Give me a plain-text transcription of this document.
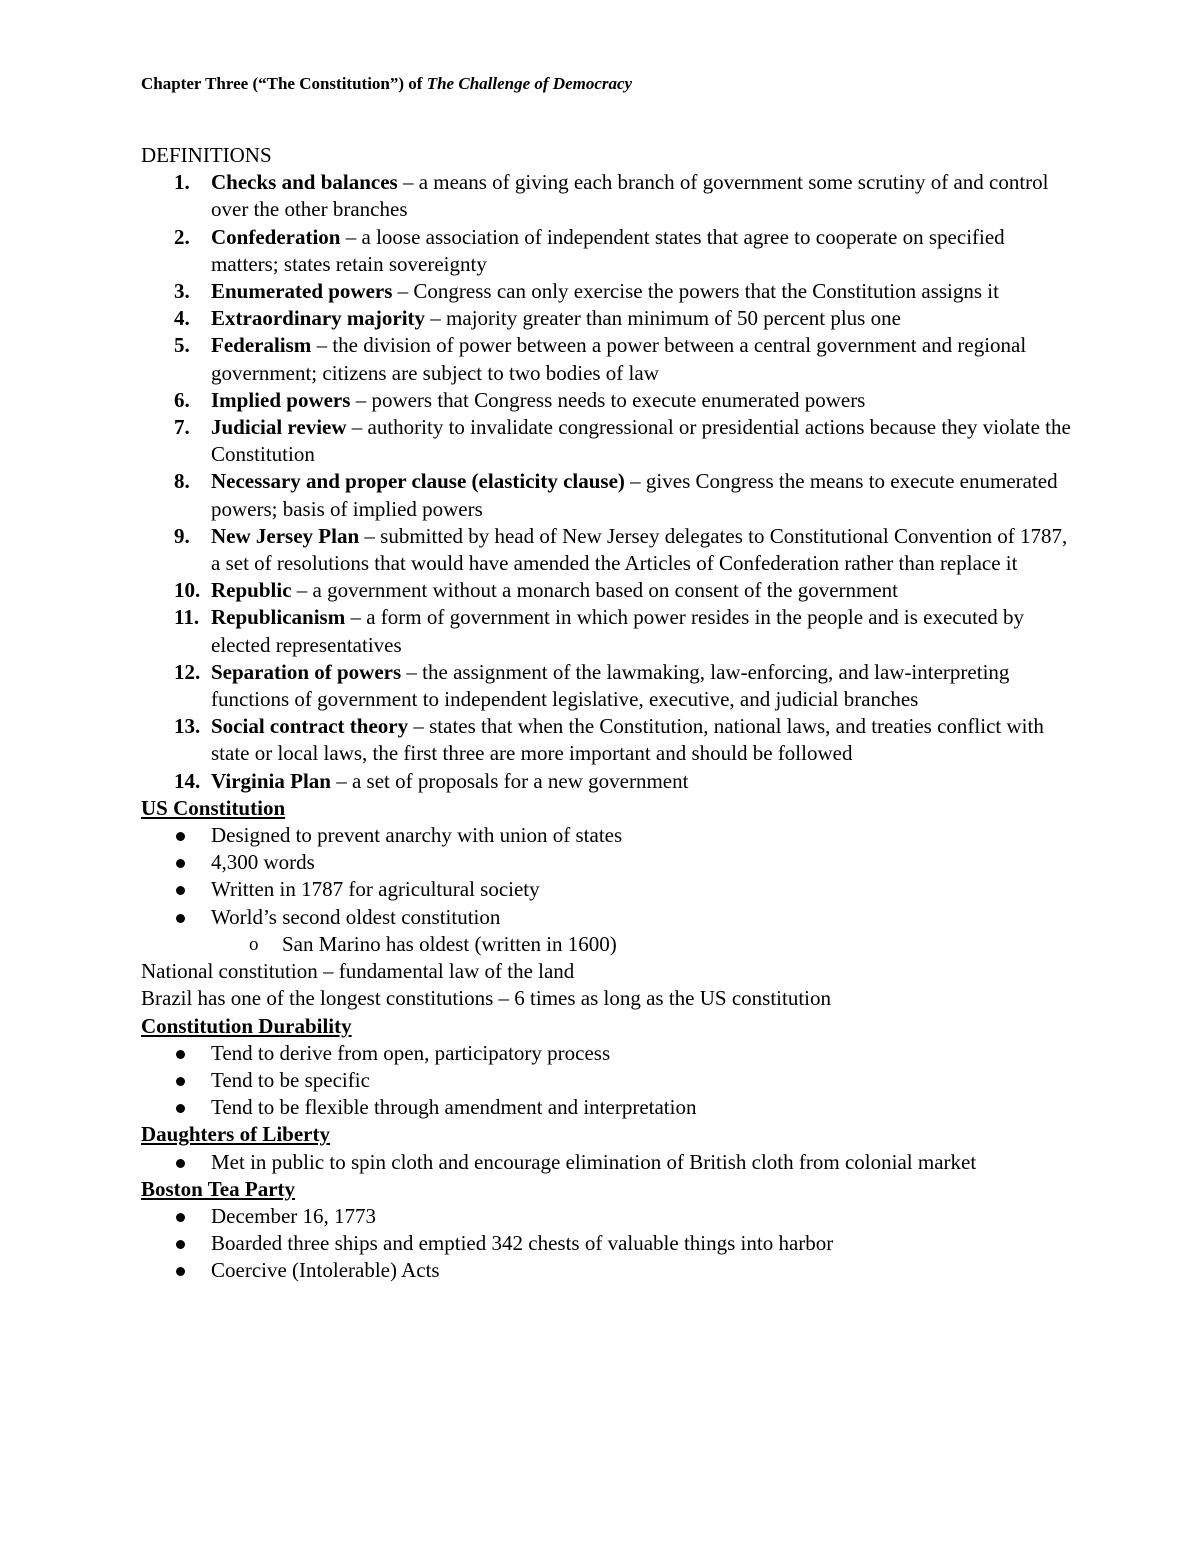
Chapter Three (“The Constitution”) of The Challenge of Democracy

DEFINITIONS

1. Checks and balances – a means of giving each branch of government some scrutiny of and control over the other branches
2. Confederation – a loose association of independent states that agree to cooperate on specified matters; states retain sovereignty
3. Enumerated powers – Congress can only exercise the powers that the Constitution assigns it
4. Extraordinary majority – majority greater than minimum of 50 percent plus one
5. Federalism – the division of power between a power between a central government and regional government; citizens are subject to two bodies of law
6. Implied powers – powers that Congress needs to execute enumerated powers
7. Judicial review – authority to invalidate congressional or presidential actions because they violate the Constitution
8. Necessary and proper clause (elasticity clause) – gives Congress the means to execute enumerated powers; basis of implied powers
9. New Jersey Plan – submitted by head of New Jersey delegates to Constitutional Convention of 1787, a set of resolutions that would have amended the Articles of Confederation rather than replace it
10. Republic – a government without a monarch based on consent of the government
11. Republicanism – a form of government in which power resides in the people and is executed by elected representatives
12. Separation of powers – the assignment of the lawmaking, law-enforcing, and law-interpreting functions of government to independent legislative, executive, and judicial branches
13. Social contract theory – states that when the Constitution, national laws, and treaties conflict with state or local laws, the first three are more important and should be followed
14. Virginia Plan – a set of proposals for a new government

US Constitution

Designed to prevent anarchy with union of states
4,300 words
Written in 1787 for agricultural society
World’s second oldest constitution
o San Marino has oldest (written in 1600)

National constitution – fundamental law of the land

Brazil has one of the longest constitutions – 6 times as long as the US constitution

Constitution Durability

Tend to derive from open, participatory process
Tend to be specific
Tend to be flexible through amendment and interpretation

Daughters of Liberty

Met in public to spin cloth and encourage elimination of British cloth from colonial market

Boston Tea Party

December 16, 1773
Boarded three ships and emptied 342 chests of valuable things into harbor
Coercive (Intolerable) Acts
